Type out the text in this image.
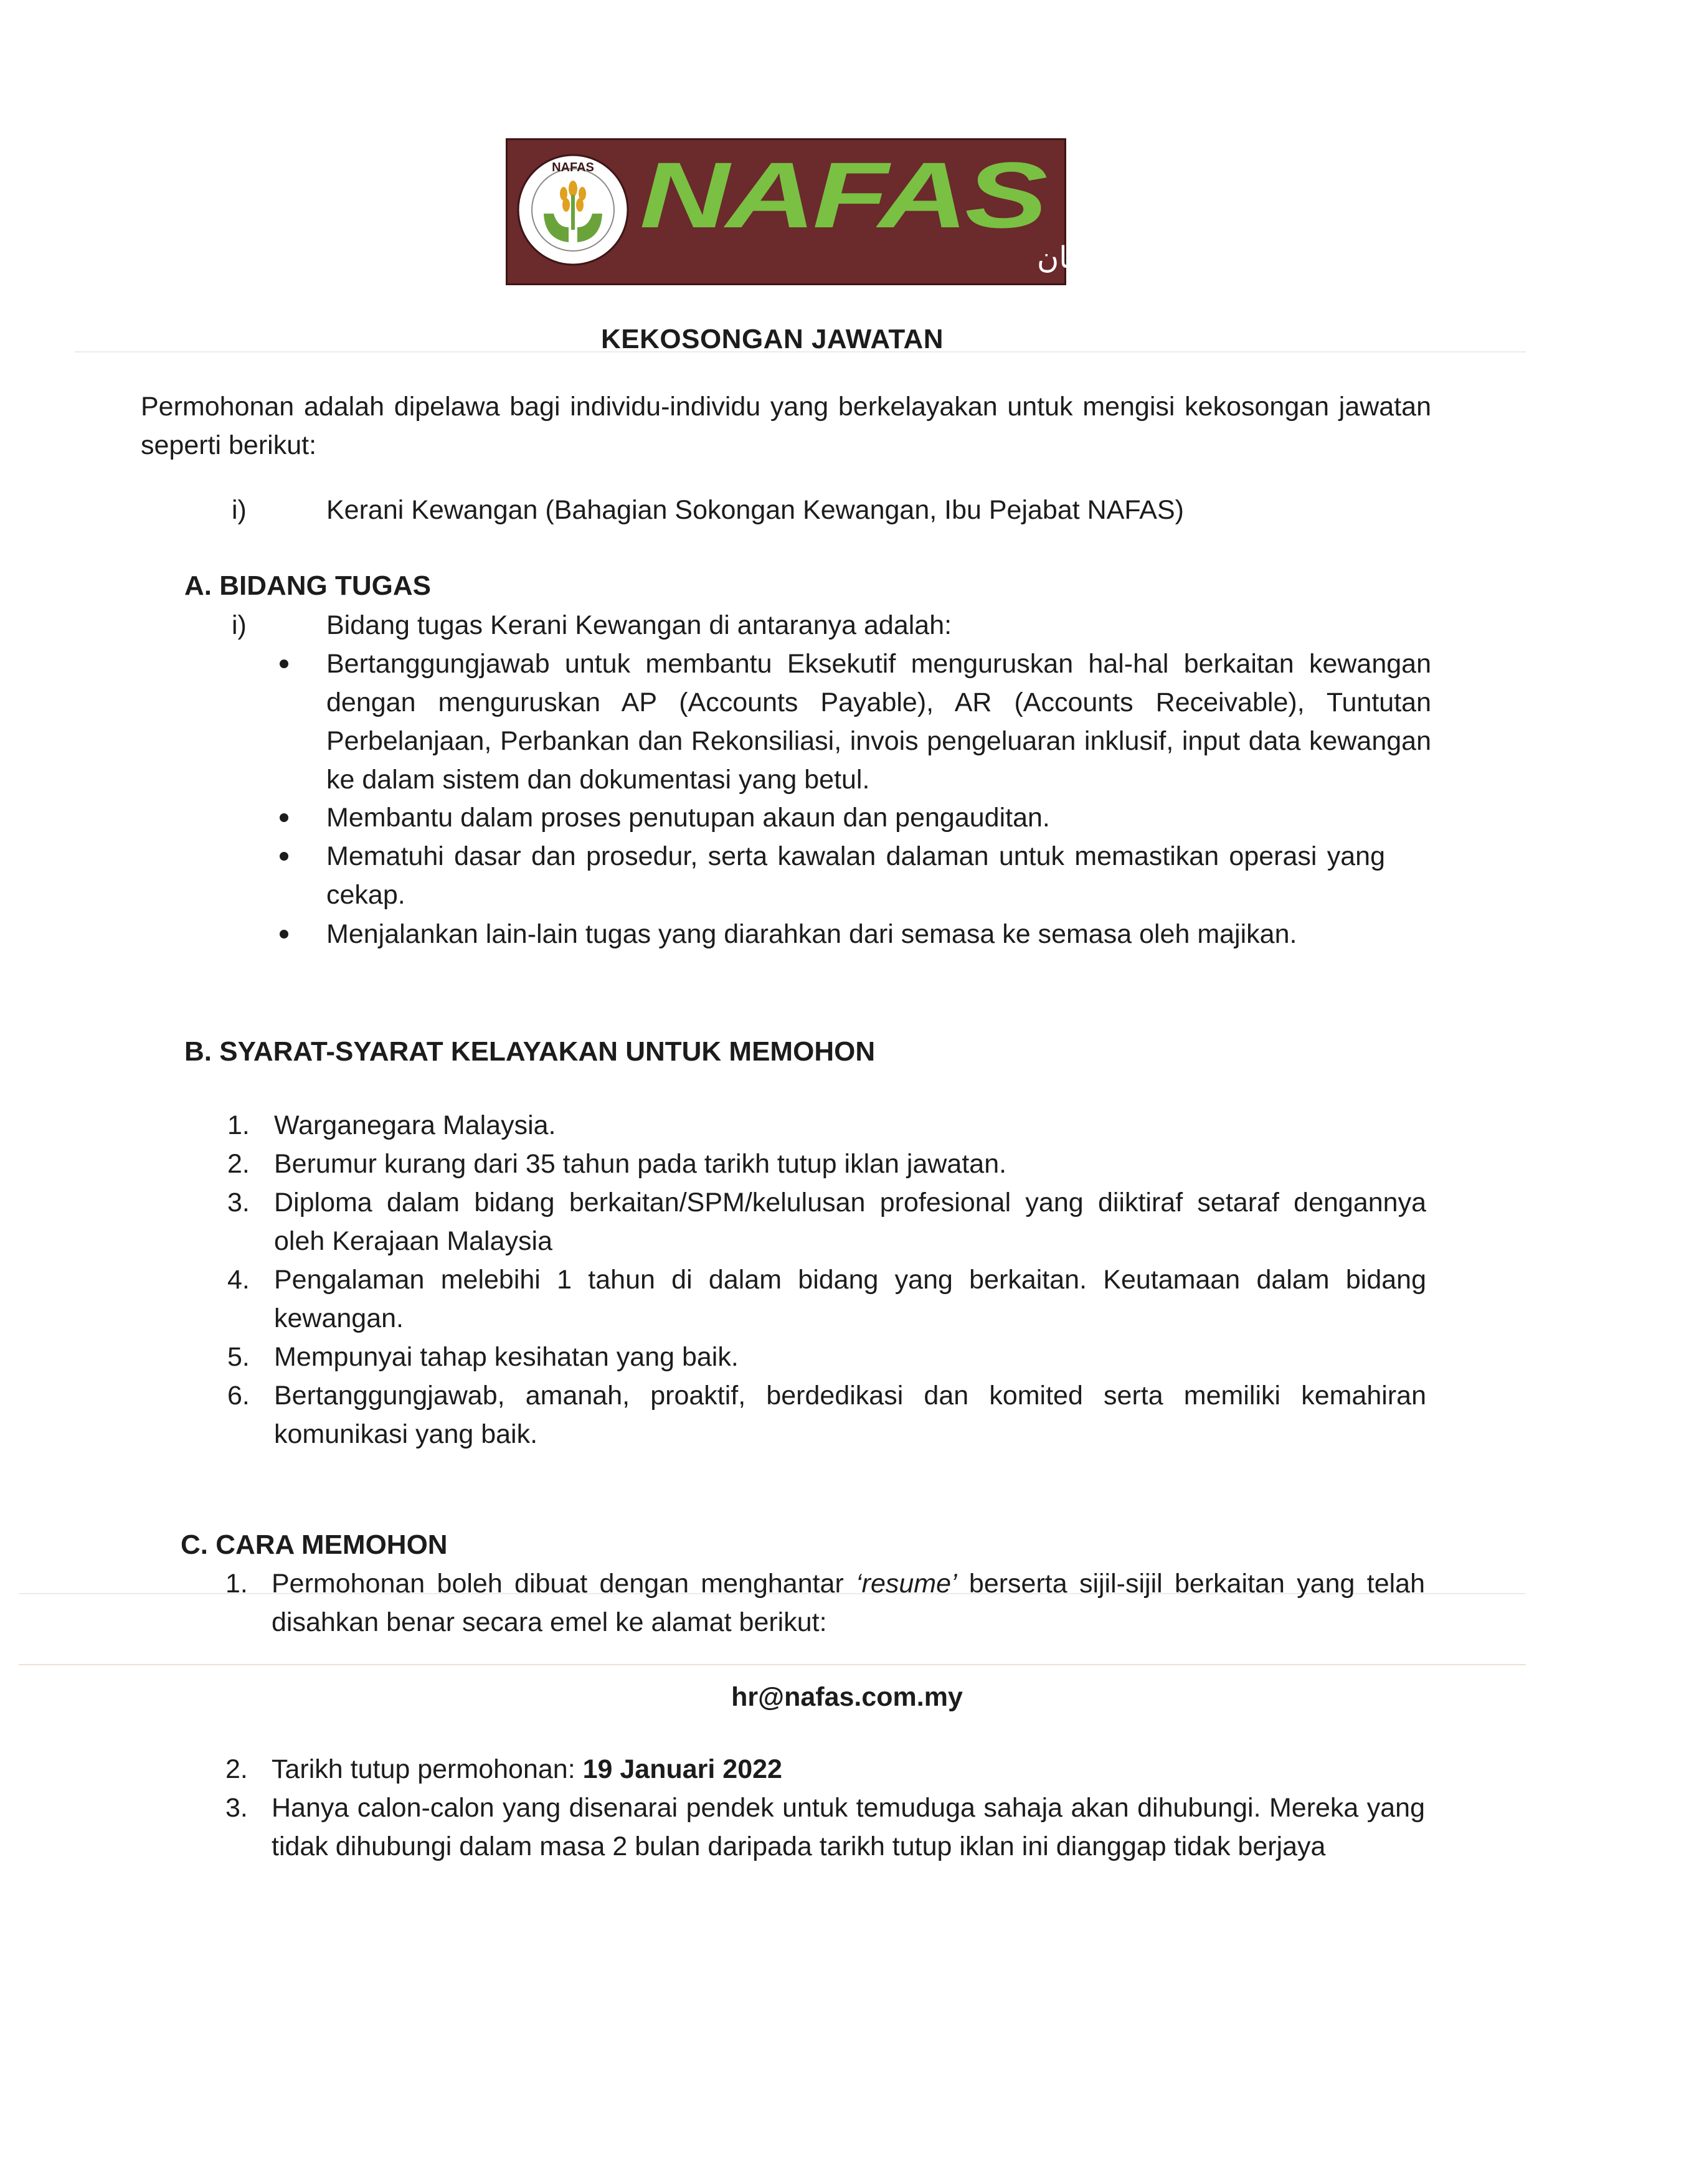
NAFAS NAFAS
ڤرتوبوهن ڤلادڠ كبڠسان
KEKOSONGAN JAWATAN
Permohonan adalah dipelawa bagi individu-individu yang berkelayakan untuk mengisi kekosongan jawatan seperti berikut:
i)	Kerani Kewangan (Bahagian Sokongan Kewangan, Ibu Pejabat NAFAS)
A. BIDANG TUGAS
i)	Bidang tugas Kerani Kewangan di antaranya adalah:
Bertanggungjawab untuk membantu Eksekutif menguruskan hal-hal berkaitan kewangan dengan menguruskan AP (Accounts Payable), AR (Accounts Receivable), Tuntutan Perbelanjaan, Perbankan dan Rekonsiliasi, invois pengeluaran inklusif, input data kewangan ke dalam sistem dan dokumentasi yang betul.
Membantu dalam proses penutupan akaun dan pengauditan.
Mematuhi dasar dan prosedur, serta kawalan dalaman untuk memastikan operasi yang cekap.
Menjalankan lain-lain tugas yang diarahkan dari semasa ke semasa oleh majikan.
B. SYARAT-SYARAT KELAYAKAN UNTUK MEMOHON
1. Warganegara Malaysia.
2. Berumur kurang dari 35 tahun pada tarikh tutup iklan jawatan.
3. Diploma dalam bidang berkaitan/SPM/kelulusan profesional yang diiktiraf setaraf dengannya oleh Kerajaan Malaysia
4. Pengalaman melebihi 1 tahun di dalam bidang yang berkaitan. Keutamaan dalam bidang kewangan.
5. Mempunyai tahap kesihatan yang baik.
6. Bertanggungjawab, amanah, proaktif, berdedikasi dan komited serta memiliki kemahiran komunikasi yang baik.
C. CARA MEMOHON
1. Permohonan boleh dibuat dengan menghantar ‘resume’ berserta sijil-sijil berkaitan yang telah disahkan benar secara emel ke alamat berikut:
hr@nafas.com.my
2. Tarikh tutup permohonan: 19 Januari 2022
3. Hanya calon-calon yang disenarai pendek untuk temuduga sahaja akan dihubungi. Mereka yang tidak dihubungi dalam masa 2 bulan daripada tarikh tutup iklan ini dianggap tidak berjaya
